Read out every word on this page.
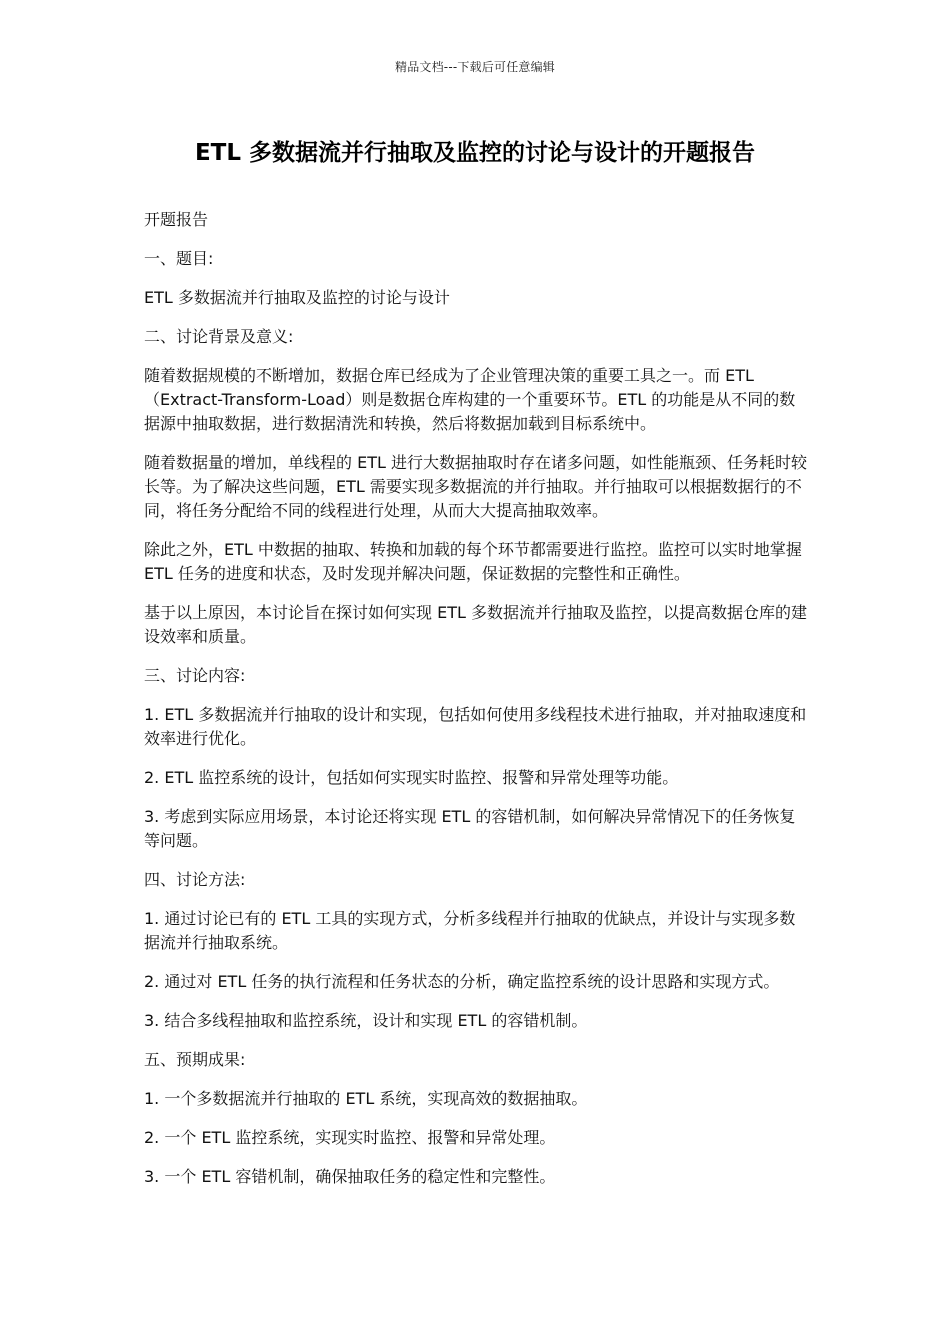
精品文档---下载后可任意编辑
ETL 多数据流并行抽取及监控的讨论与设计的开题报告

开题报告

一、题目:

ETL 多数据流并行抽取及监控的讨论与设计

二、讨论背景及意义:

随着数据规模的不断增加，数据仓库已经成为了企业管理决策的重要工具之一。而 ETL（Extract-Transform-Load）则是数据仓库构建的一个重要环节。ETL 的功能是从不同的数据源中抽取数据，进行数据清洗和转换，然后将数据加载到目标系统中。

随着数据量的增加，单线程的 ETL 进行大数据抽取时存在诸多问题，如性能瓶颈、任务耗时较长等。为了解决这些问题，ETL 需要实现多数据流的并行抽取。并行抽取可以根据数据行的不同，将任务分配给不同的线程进行处理，从而大大提高抽取效率。

除此之外，ETL 中数据的抽取、转换和加载的每个环节都需要进行监控。监控可以实时地掌握 ETL 任务的进度和状态，及时发现并解决问题，保证数据的完整性和正确性。

基于以上原因，本讨论旨在探讨如何实现 ETL 多数据流并行抽取及监控，以提高数据仓库的建设效率和质量。

三、讨论内容:

1. ETL 多数据流并行抽取的设计和实现，包括如何使用多线程技术进行抽取，并对抽取速度和效率进行优化。

2. ETL 监控系统的设计，包括如何实现实时监控、报警和异常处理等功能。

3. 考虑到实际应用场景，本讨论还将实现 ETL 的容错机制，如何解决异常情况下的任务恢复等问题。

四、讨论方法:

1. 通过讨论已有的 ETL 工具的实现方式，分析多线程并行抽取的优缺点，并设计与实现多数据流并行抽取系统。

2. 通过对 ETL 任务的执行流程和任务状态的分析，确定监控系统的设计思路和实现方式。

3. 结合多线程抽取和监控系统，设计和实现 ETL 的容错机制。

五、预期成果:

1. 一个多数据流并行抽取的 ETL 系统，实现高效的数据抽取。

2. 一个 ETL 监控系统，实现实时监控、报警和异常处理。

3. 一个 ETL 容错机制，确保抽取任务的稳定性和完整性。
